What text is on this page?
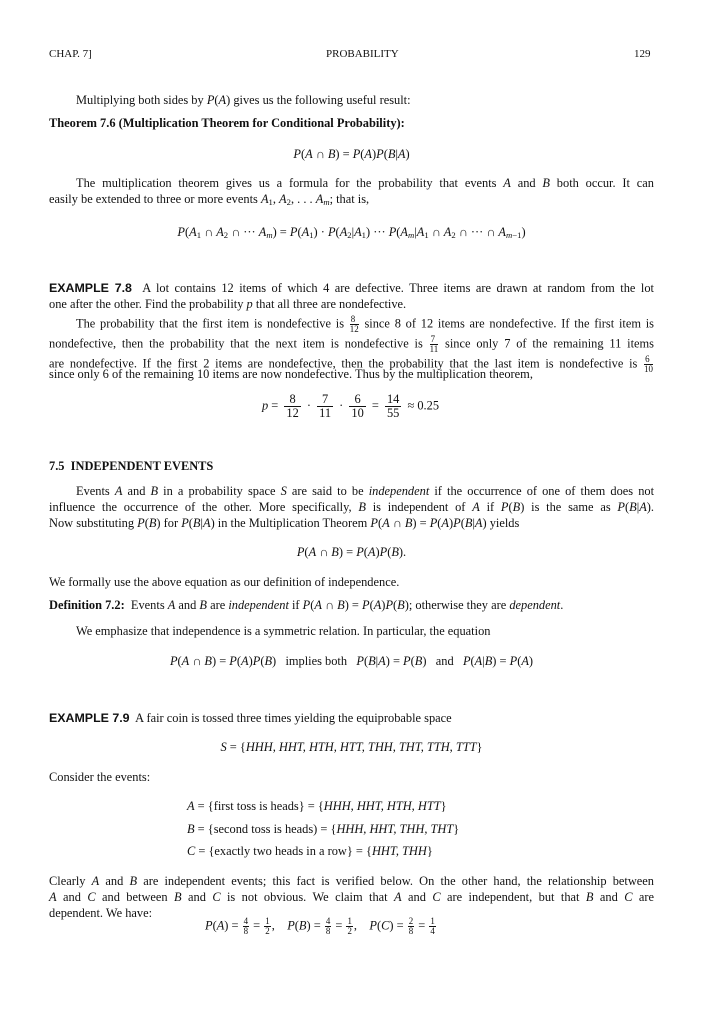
CHAP. 7]	PROBABILITY	129
Multiplying both sides by P(A) gives us the following useful result:
Theorem 7.6 (Multiplication Theorem for Conditional Probability):
P(A ∩ B) = P(A)P(B|A)
The multiplication theorem gives us a formula for the probability that events A and B both occur. It can
easily be extended to three or more events $A_1$, $A_2$, . . . $A_m$; that is,
$P(A_1$ ∩ $A_2$ ∩ ··· $A_m) = P(A_1) \cdot P(A_2|A_1)$ ··· $P(A_m|A_1$ ∩ $A_2$ ∩ ··· ∩ $A_{m-1}$)
EXAMPLE 7.8  A lot contains 12 items of which 4 are defective. Three items are drawn at random from the lot
one after the other. Find the probability p that all three are nondefective.
The probability that the first item is nondefective is $\frac{8}{12}$ since 8 of 12 items are nondefective. If the first item is
nondefective, then the probability that the next item is nondefective is $\frac{7}{11}$ since only 7 of the remaining 11 items
are nondefective. If the first 2 items are nondefective, then the probability that the last item is nondefective is $\frac{6}{10}$
since only 6 of the remaining 10 items are now nondefective. Thus by the multiplication theorem,
$p = \frac{8}{12} \cdot \frac{7}{11} \cdot \frac{6}{10} = \frac{14}{55} \approx 0.25$
7.5  INDEPENDENT EVENTS
Events A and B in a probability space S are said to be independent if the occurrence of one of them does not
influence the occurrence of the other. More specifically, B is independent of A if P(B) is the same as P(B|A).
Now substituting P(B) for P(B|A) in the Multiplication Theorem P(A ∩ B) = P(A)P(B|A) yields
P(A ∩ B) = P(A)P(B).
We formally use the above equation as our definition of independence.
Definition 7.2:  Events A and B are independent if P(A ∩ B) = P(A)P(B); otherwise they are dependent.
We emphasize that independence is a symmetric relation. In particular, the equation
P(A ∩ B) = P(A)P(B)   implies both   P(B|A) = P(B)   and   P(A|B) = P(A)
EXAMPLE 7.9  A fair coin is tossed three times yielding the equiprobable space
S = {HHH, HHT, HTH, HTT, THH, THT, TTH, TTT}
Consider the events:
A = {first toss is heads} = {HHH, HHT, HTH, HTT}
B = {second toss is heads) = {HHH, HHT, THH, THT}
C = {exactly two heads in a row} = {HHT, THH}
Clearly A and B are independent events; this fact is verified below. On the other hand, the relationship between
A and C and between B and C is not obvious. We claim that A and C are independent, but that B and C are
dependent. We have:
$P(A) = \frac{4}{8} = \frac{1}{2}$ ,    $P(B) = \frac{4}{8} = \frac{1}{2}$ ,    $P(C) = \frac{2}{8} = \frac{1}{4}$
